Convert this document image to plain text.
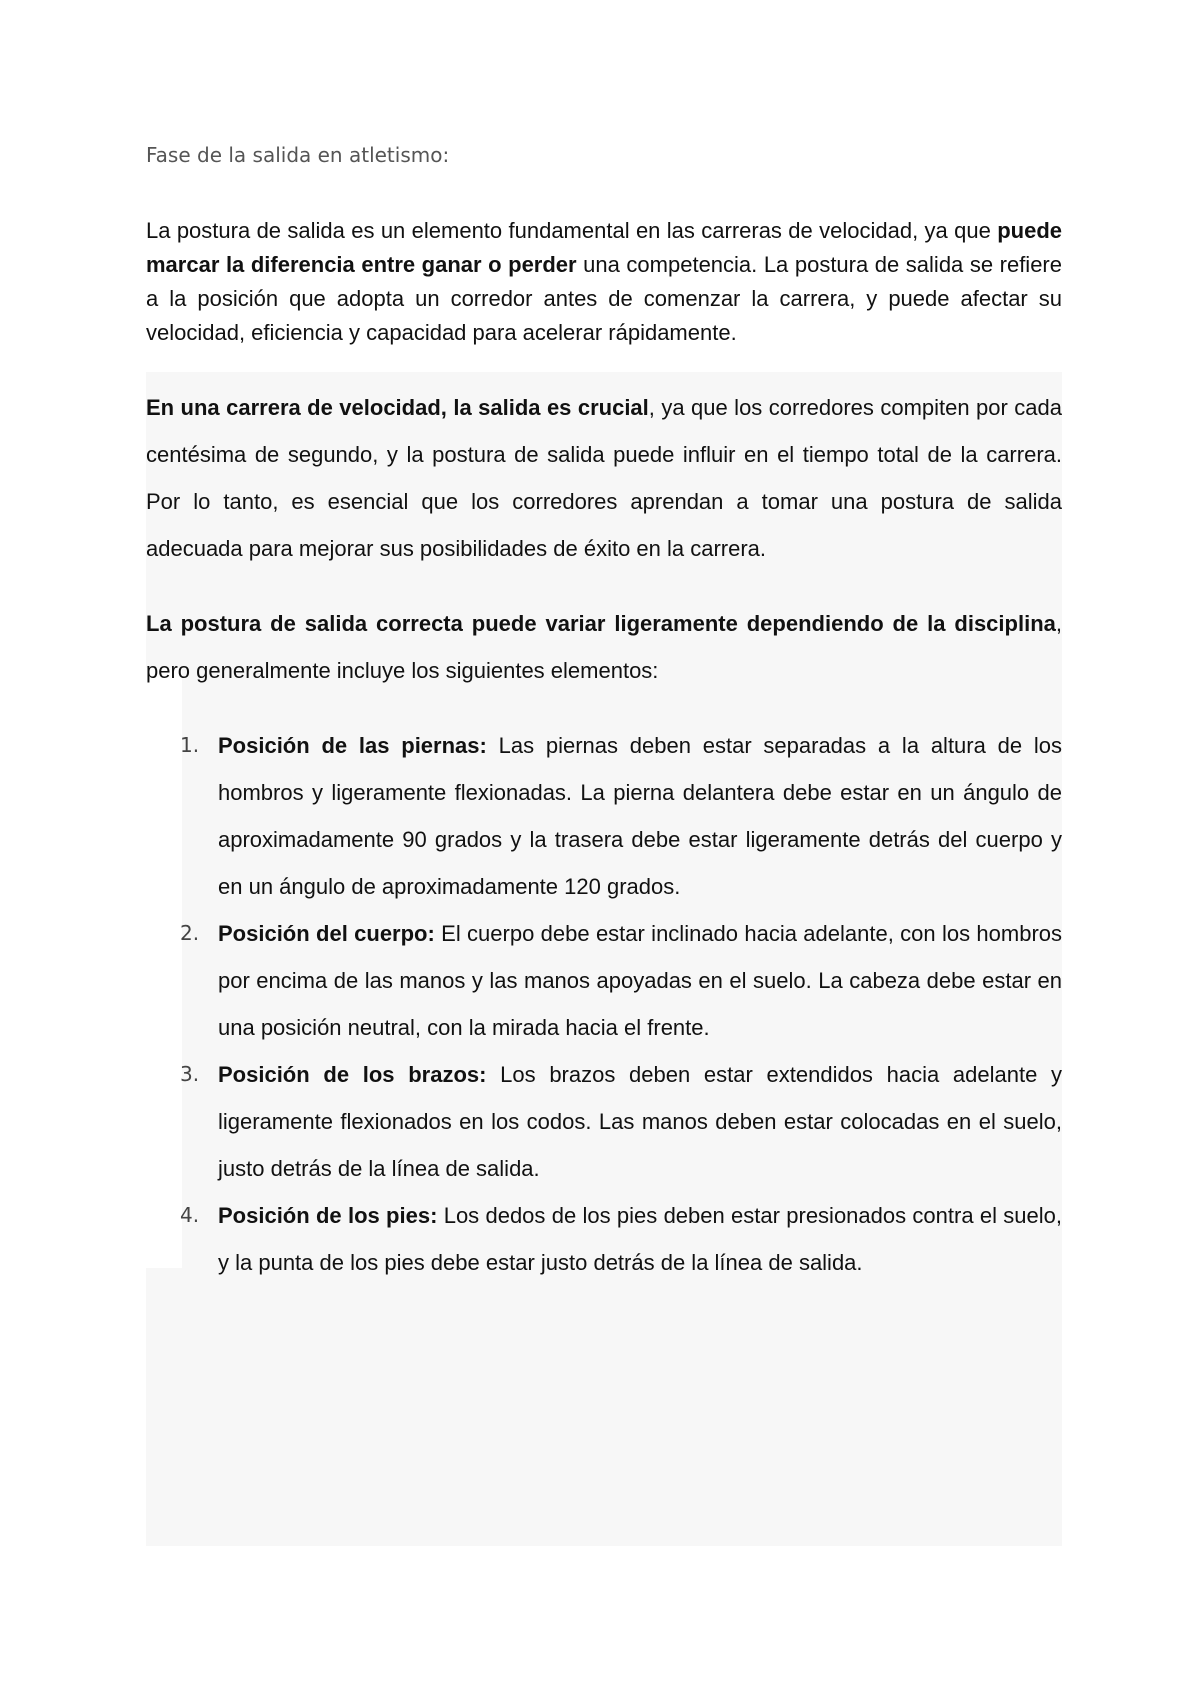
Fase de la salida en atletismo:

La postura de salida es un elemento fundamental en las carreras de velocidad, ya que puede marcar la diferencia entre ganar o perder una competencia. La postura de salida se refiere a la posición que adopta un corredor antes de comenzar la carrera, y puede afectar su velocidad, eficiencia y capacidad para acelerar rápidamente.

En una carrera de velocidad, la salida es crucial, ya que los corredores compiten por cada centésima de segundo, y la postura de salida puede influir en el tiempo total de la carrera. Por lo tanto, es esencial que los corredores aprendan a tomar una postura de salida adecuada para mejorar sus posibilidades de éxito en la carrera.

La postura de salida correcta puede variar ligeramente dependiendo de la disciplina, pero generalmente incluye los siguientes elementos:

1. Posición de las piernas: Las piernas deben estar separadas a la altura de los hombros y ligeramente flexionadas. La pierna delantera debe estar en un ángulo de aproximadamente 90 grados y la trasera debe estar ligeramente detrás del cuerpo y en un ángulo de aproximadamente 120 grados.
2. Posición del cuerpo: El cuerpo debe estar inclinado hacia adelante, con los hombros por encima de las manos y las manos apoyadas en el suelo. La cabeza debe estar en una posición neutral, con la mirada hacia el frente.
3. Posición de los brazos: Los brazos deben estar extendidos hacia adelante y ligeramente flexionados en los codos. Las manos deben estar colocadas en el suelo, justo detrás de la línea de salida.
4. Posición de los pies: Los dedos de los pies deben estar presionados contra el suelo, y la punta de los pies debe estar justo detrás de la línea de salida.
